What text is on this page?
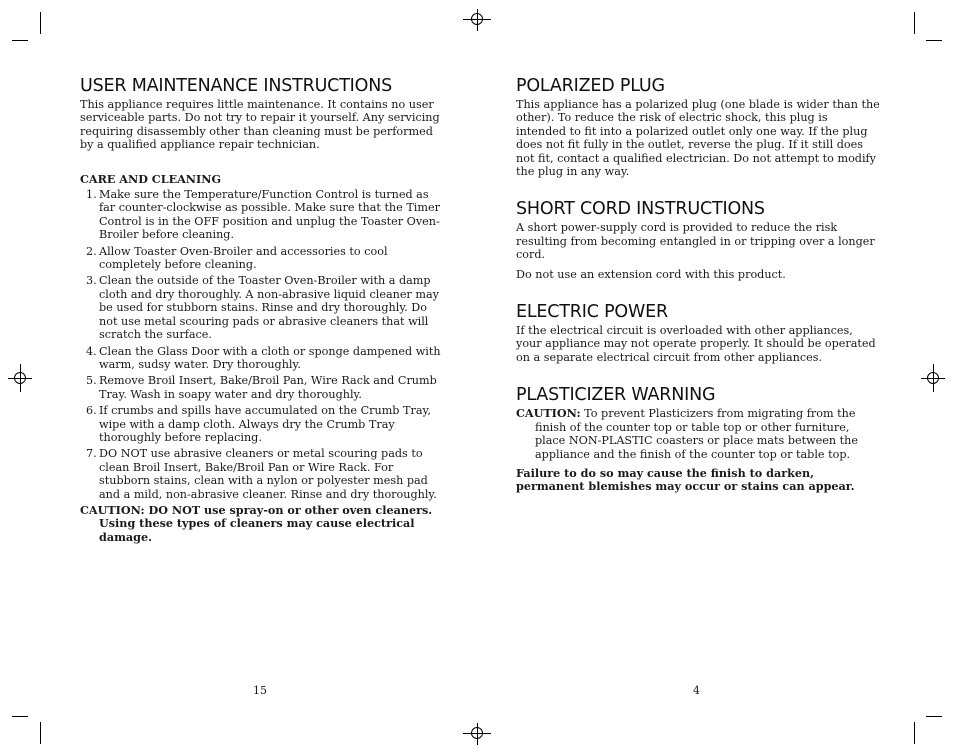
USER MAINTENANCE INSTRUCTIONS

This appliance requires little maintenance. It contains no user serviceable parts. Do not try to repair it yourself. Any servicing requiring disassembly other than cleaning must be performed by a qualified appliance repair technician.

CARE AND CLEANING
1. Make sure the Temperature/Function Control is turned as far counter-clockwise as possible. Make sure that the Timer Control is in the OFF position and unplug the Toaster Oven-Broiler before cleaning.
2. Allow Toaster Oven-Broiler and accessories to cool completely before cleaning.
3. Clean the outside of the Toaster Oven-Broiler with a damp cloth and dry thoroughly. A non-abrasive liquid cleaner may be used for stubborn stains. Rinse and dry thoroughly. Do not use metal scouring pads or abrasive cleaners that will scratch the surface.
4. Clean the Glass Door with a cloth or sponge dampened with warm, sudsy water. Dry thoroughly.
5. Remove Broil Insert, Bake/Broil Pan, Wire Rack and Crumb Tray. Wash in soapy water and dry thoroughly.
6. If crumbs and spills have accumulated on the Crumb Tray, wipe with a damp cloth. Always dry the Crumb Tray thoroughly before replacing.
7. DO NOT use abrasive cleaners or metal scouring pads to clean Broil Insert, Bake/Broil Pan or Wire Rack. For stubborn stains, clean with a nylon or polyester mesh pad and a mild, non-abrasive cleaner. Rinse and dry thoroughly.

CAUTION: DO NOT use spray-on or other oven cleaners. Using these types of cleaners may cause electrical damage.

15
POLARIZED PLUG

This appliance has a polarized plug (one blade is wider than the other). To reduce the risk of electric shock, this plug is intended to fit into a polarized outlet only one way. If the plug does not fit fully in the outlet, reverse the plug. If it still does not fit, contact a qualified electrician. Do not attempt to modify the plug in any way.

SHORT CORD INSTRUCTIONS

A short power-supply cord is provided to reduce the risk resulting from becoming entangled in or tripping over a longer cord.

Do not use an extension cord with this product.

ELECTRIC POWER

If the electrical circuit is overloaded with other appliances, your appliance may not operate properly. It should be operated on a separate electrical circuit from other appliances.

PLASTICIZER WARNING

CAUTION: To prevent Plasticizers from migrating from the finish of the counter top or table top or other furniture, place NON-PLASTIC coasters or place mats between the appliance and the finish of the counter top or table top.

Failure to do so may cause the finish to darken, permanent blemishes may occur or stains can appear.

4
